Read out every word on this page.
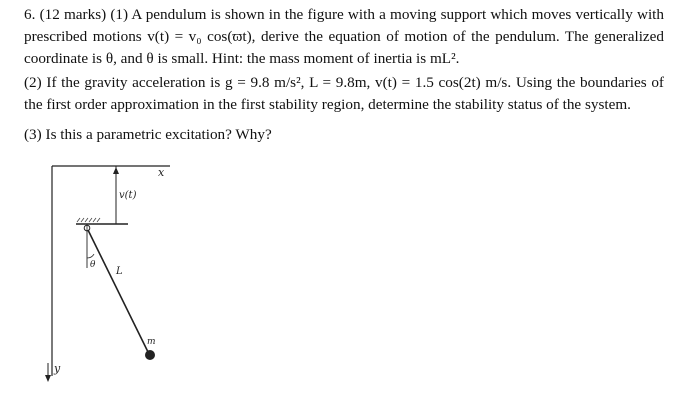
6. (12 marks) (1) A pendulum is shown in the figure with a moving support which moves vertically with prescribed motions v(t) = v₀ cos(ϖt), derive the equation of motion of the pendulum. The generalized coordinate is θ, and θ is small. Hint: the mass moment of inertia is mL².

(2) If the gravity acceleration is g = 9.8 m/s², L = 9.8m, v(t) = 1.5 cos(2t) m/s. Using the boundaries of the first order approximation in the first stability region, determine the stability status of the system.

(3) Is this a parametric excitation? Why?

y
x
v(t)
θ
L
m
